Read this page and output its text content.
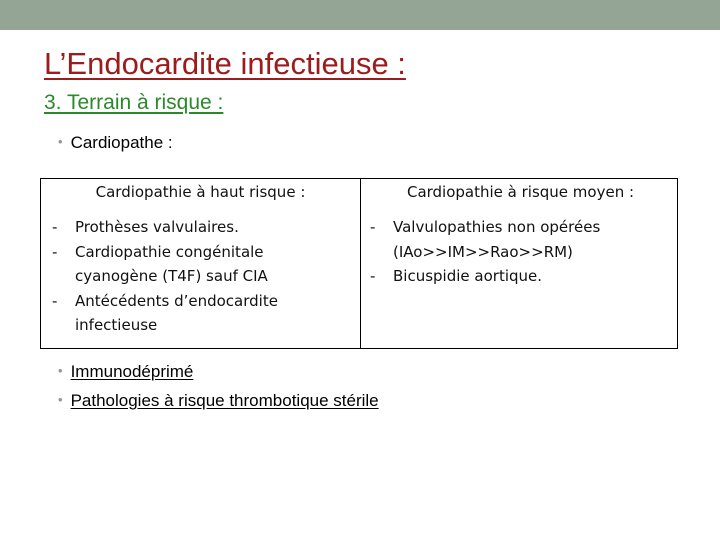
L’Endocardite infectieuse :
3. Terrain à risque :
• Cardiopathe :
Cardiopathie à haut risque :
- Prothèses valvulaires.
- Cardiopathie congénitale
cyanogène (T4F) sauf CIA
- Antécédents d’endocardite
infectieuse
Cardiopathie à risque moyen :
- Valvulopathies non opérées
(IAo>>IM>>Rao>>RM)
- Bicuspidie aortique.
• Immunodéprimé
• Pathologies à risque thrombotique stérile
